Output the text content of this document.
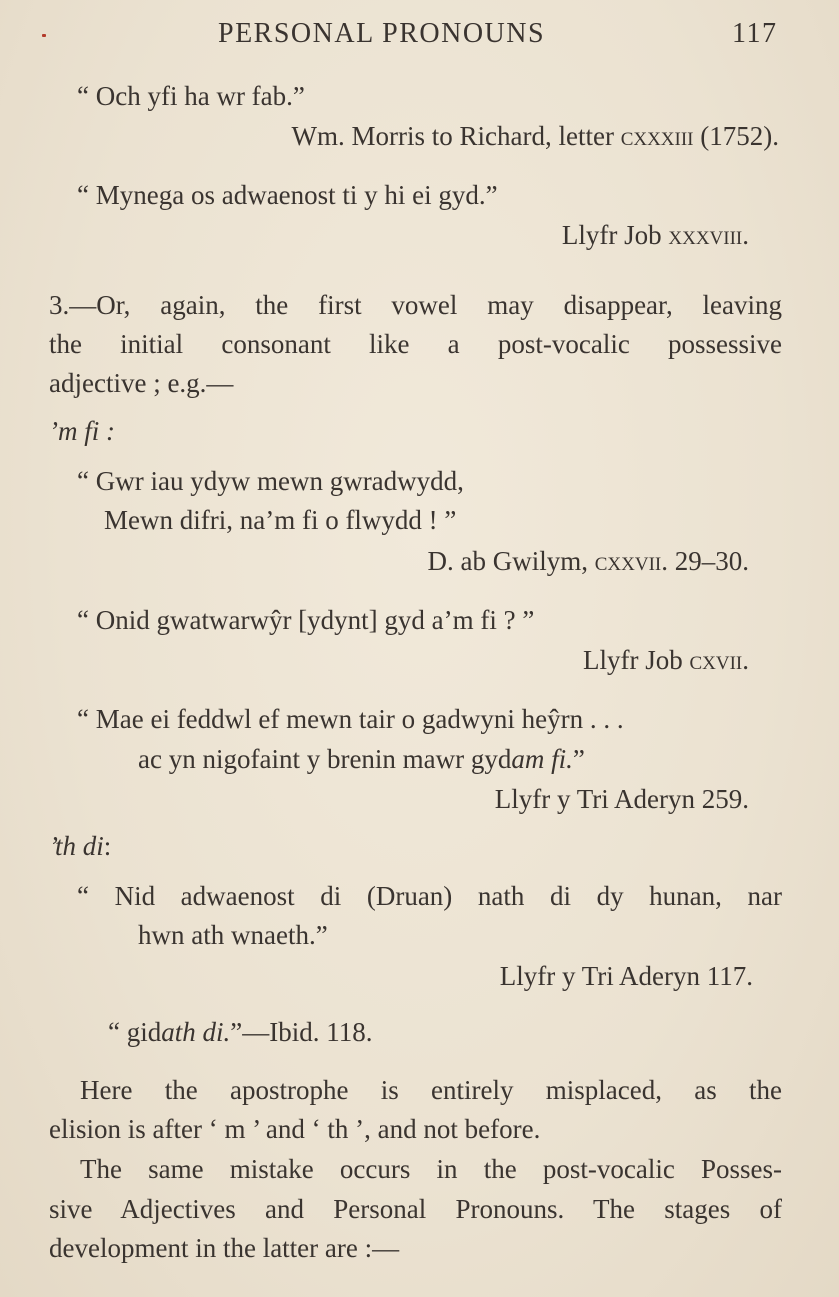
PERSONAL PRONOUNS	117
“ Och yfi ha wr fab.”
Wm. Morris to Richard, letter cxxxiii (1752).
“ Mynega os adwaenost ti y hi ei gyd.”
Llyfr Job xxxviii.
3.—Or, again, the first vowel may disappear, leaving
the initial consonant like a post-vocalic possessive
adjective ; e.g.—
’m fi :
“ Gwr iau ydyw mewn gwradwydd,
Mewn difri, na’m fi o flwydd ! ”
D. ab Gwilym, cxxvii. 29–30.
“ Onid gwatwarwŷr [ydynt] gyd a’m fi ? ”
Llyfr Job cxvii.
“ Mae ei feddwl ef mewn tair o gadwyni heŷrn . . .
ac yn nigofaint y brenin mawr gydam fi.”
Llyfr y Tri Aderyn 259.
’th di:
“ Nid adwaenost di (Druan) nath di dy hunan, nar
hwn ath wnaeth.”
Llyfr y Tri Aderyn 117.
“ gidath di.”—Ibid. 118.
Here the apostrophe is entirely misplaced, as the
elision is after ‘ m ’ and ‘ th ’, and not before.
The same mistake occurs in the post-vocalic Posses-
sive Adjectives and Personal Pronouns. The stages of
development in the latter are :—
